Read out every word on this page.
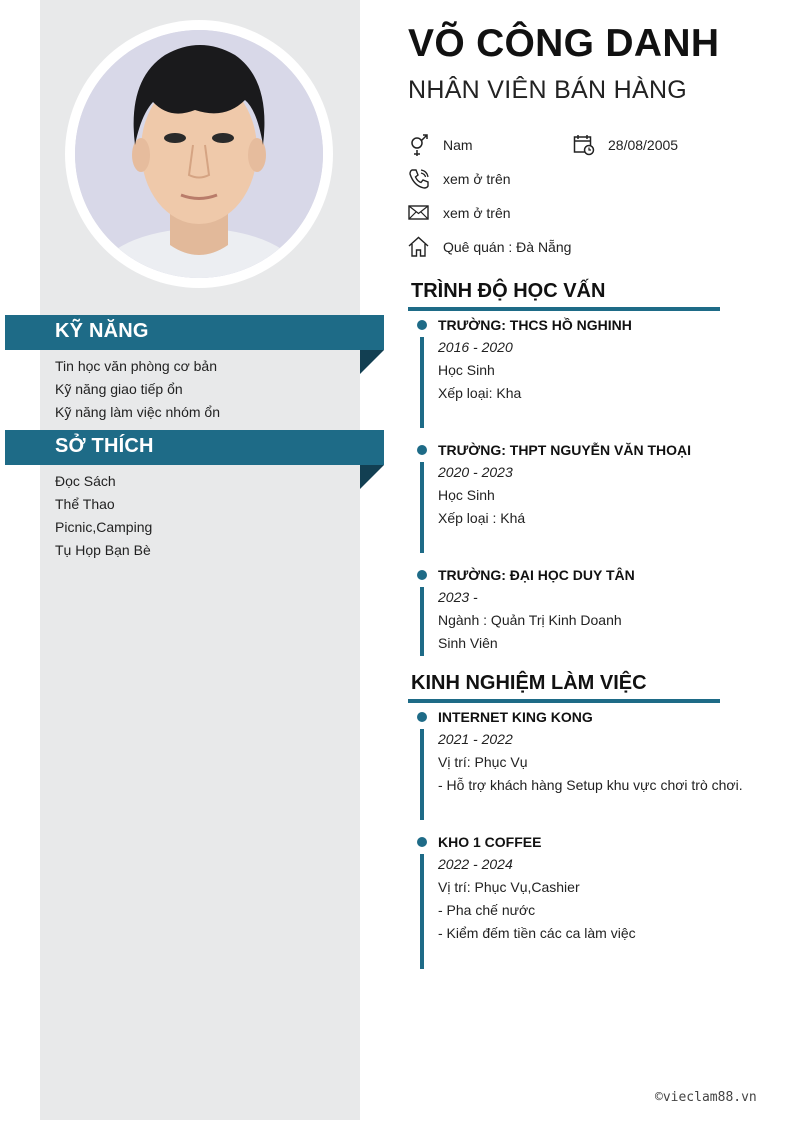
KỸ NĂNG
Tin học văn phòng cơ bản
Kỹ năng giao tiếp ổn
Kỹ năng làm việc nhóm ổn
SỞ THÍCH
Đọc Sách
Thể Thao
Picnic,Camping
Tụ Họp Bạn Bè
VÕ CÔNG DANH
NHÂN VIÊN BÁN HÀNG
Nam	28/08/2005
xem ở trên
xem ở trên
Quê quán : Đà Nẵng
TRÌNH ĐỘ HỌC VẤN
TRƯỜNG: THCS HỒ NGHINH
2016 - 2020
Học Sinh
Xếp loại: Kha
TRƯỜNG: THPT NGUYỄN VĂN THOẠI
2020 - 2023
Học Sinh
Xếp loại : Khá
TRƯỜNG: ĐẠI HỌC DUY TÂN
2023 -
Ngành : Quản Trị Kinh Doanh
Sinh Viên
KINH NGHIỆM LÀM VIỆC
INTERNET KING KONG
2021 - 2022
Vị trí: Phục Vụ
- Hỗ trợ khách hàng Setup khu vực chơi trò chơi.
KHO 1 COFFEE
2022 - 2024
Vị trí: Phục Vụ,Cashier
- Pha chế nước
- Kiểm đếm tiền các ca làm việc
©vieclam88.vn
